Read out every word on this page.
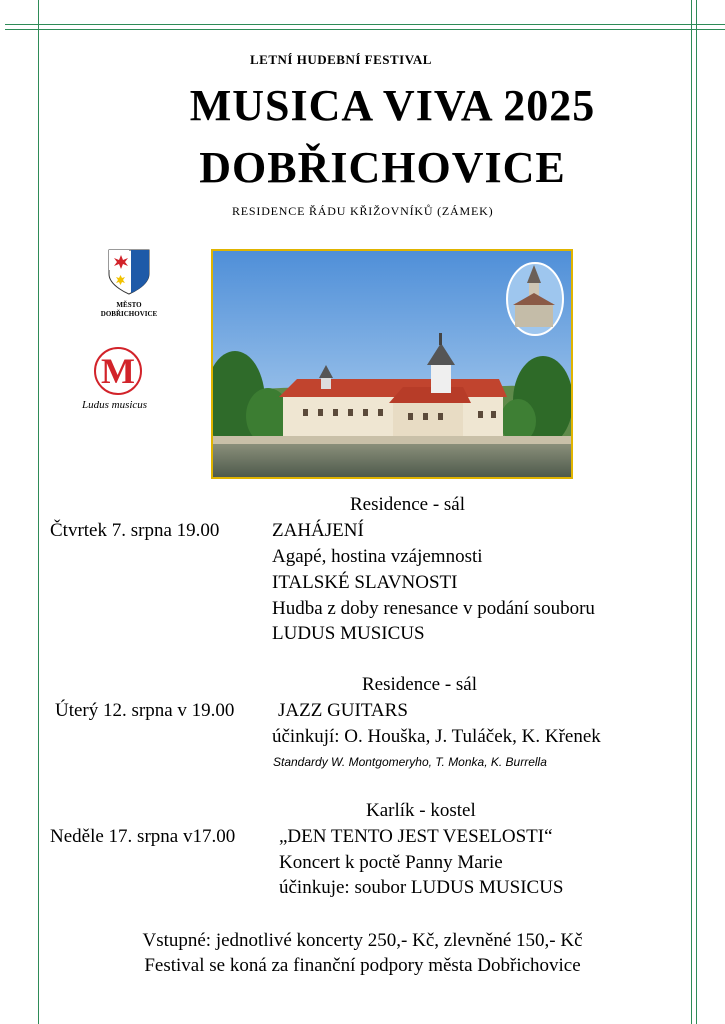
LETNÍ HUDEBNÍ FESTIVAL
MUSICA VIVA 2025
DOBŘICHOVICE
RESIDENCE ŘÁDU KŘIŽOVNÍKŮ (ZÁMEK)
MĚSTO
DOBŘICHOVICE
M
Ludus musicus
Residence - sál
Čtvrtek 7. srpna 19.00	ZAHÁJENÍ
Agapé, hostina vzájemnosti
ITALSKÉ SLAVNOSTI
Hudba z doby renesance v podání souboru
LUDUS MUSICUS
Residence - sál
Úterý 12. srpna v 19.00 JAZZ GUITARS
účinkují: O. Houška, J. Tuláček, K. Křenek
Standardy W. Montgomeryho, T. Monka, K. Burrella
Karlík - kostel
Neděle 17. srpna v17.00 „DEN TENTO JEST VESELOSTI“
Koncert k poctě Panny Marie
účinkuje: soubor LUDUS MUSICUS
Vstupné: jednotlivé koncerty 250,- Kč, zlevněné 150,- Kč
Festival se koná za finanční podpory města Dobřichovice
